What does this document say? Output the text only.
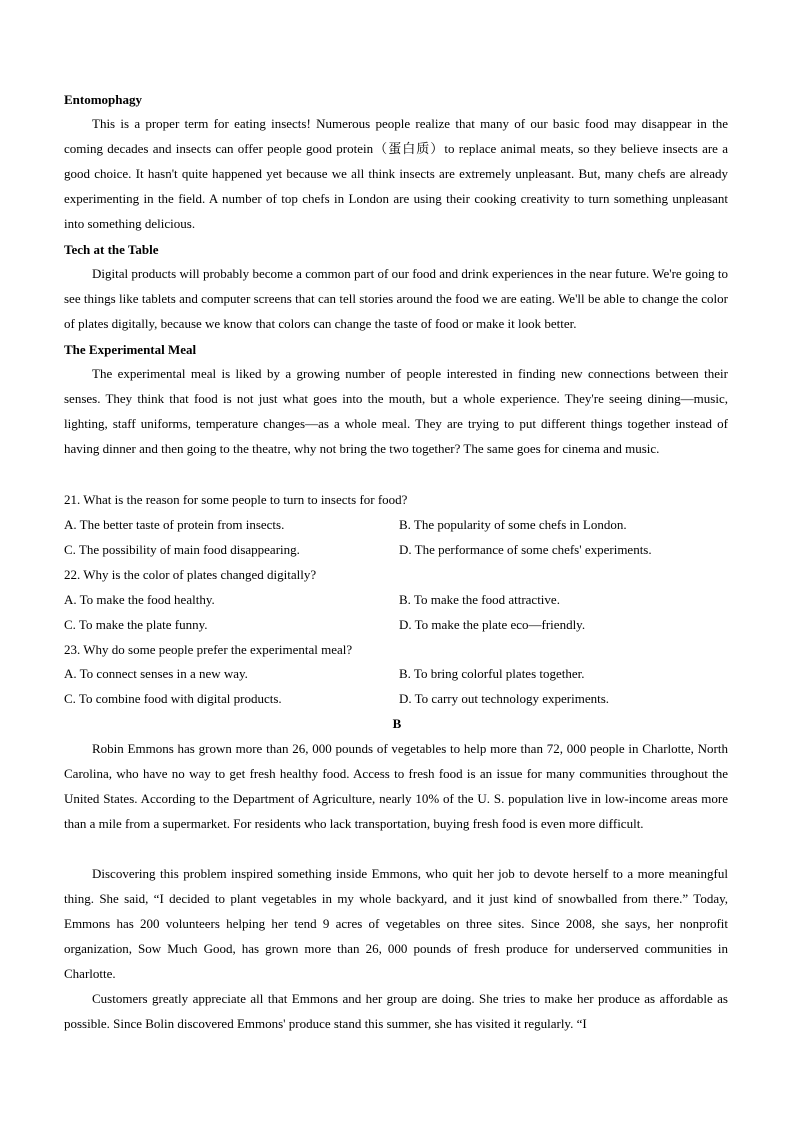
Entomophagy

This is a proper term for eating insects! Numerous people realize that many of our basic food may disappear in the coming decades and insects can offer people good protein（蛋白质）to replace animal meats, so they believe insects are a good choice. It hasn't quite happened yet because we all think insects are extremely unpleasant. But, many chefs are already experimenting in the field. A number of top chefs in London are using their cooking creativity to turn something unpleasant into something delicious.

Tech at the Table

Digital products will probably become a common part of our food and drink experiences in the near future. We're going to see things like tablets and computer screens that can tell stories around the food we are eating. We'll be able to change the color of plates digitally, because we know that colors can change the taste of food or make it look better.

The Experimental Meal

The experimental meal is liked by a growing number of people interested in finding new connections between their senses. They think that food is not just what goes into the mouth, but a whole experience. They're seeing dining—music, lighting, staff uniforms, temperature changes—as a whole meal. They are trying to put different things together instead of having dinner and then going to the theatre, why not bring the two together? The same goes for cinema and music.

21. What is the reason for some people to turn to insects for food?
A. The better taste of protein from insects.	B. The popularity of some chefs in London.
C. The possibility of main food disappearing.	D. The performance of some chefs' experiments.
22. Why is the color of plates changed digitally?
A. To make the food healthy.	B. To make the food attractive.
C. To make the plate funny.	D. To make the plate eco—friendly.
23. Why do some people prefer the experimental meal?
A. To connect senses in a new way.	B. To bring colorful plates together.
C. To combine food with digital products.	D. To carry out technology experiments.
B

Robin Emmons has grown more than 26, 000 pounds of vegetables to help more than 72, 000 people in Charlotte, North Carolina, who have no way to get fresh healthy food. Access to fresh food is an issue for many communities throughout the United States. According to the Department of Agriculture, nearly 10% of the U. S. population live in low-income areas more than a mile from a supermarket. For residents who lack transportation, buying fresh food is even more difficult.

Discovering this problem inspired something inside Emmons, who quit her job to devote herself to a more meaningful thing. She said, “I decided to plant vegetables in my whole backyard, and it just kind of snowballed from there.” Today, Emmons has 200 volunteers helping her tend 9 acres of vegetables on three sites. Since 2008, she says, her nonprofit organization, Sow Much Good, has grown more than 26, 000 pounds of fresh produce for underserved communities in Charlotte.

Customers greatly appreciate all that Emmons and her group are doing. She tries to make her produce as affordable as possible. Since Bolin discovered Emmons' produce stand this summer, she has visited it regularly. “I
